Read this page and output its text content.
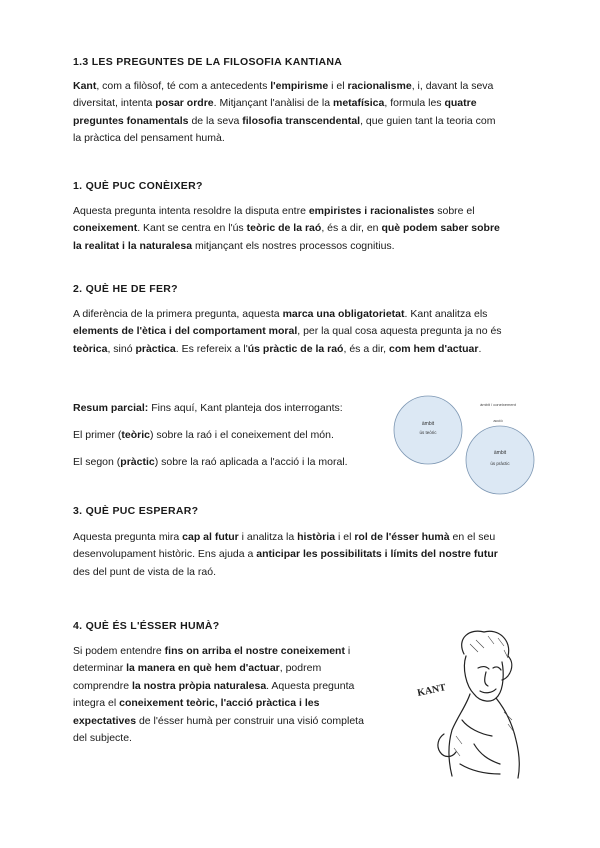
1.3 LES PREGUNTES DE LA FILOSOFIA KANTIANA

Kant, com a filòsof, té com a antecedents l'empirisme i el racionalisme, i, davant la seva
diversitat, intenta posar ordre. Mitjançant l'anàlisi de la metafísica, formula les quatre
preguntes fonamentals de la seva filosofia transcendental, que guien tant la teoria com
la pràctica del pensament humà.

1. QUÈ PUC CONÈIXER?

Aquesta pregunta intenta resoldre la disputa entre empiristes i racionalistes sobre el
coneixement. Kant se centra en l'ús teòric de la raó, és a dir, en què podem saber sobre
la realitat i la naturalesa mitjançant els nostres processos cognitius.

2. QUÈ HE DE FER?

A diferència de la primera pregunta, aquesta marca una obligatorietat. Kant analitza els
elements de l'ètica i del comportament moral, per la qual cosa aquesta pregunta ja no és
teòrica, sinó pràctica. Es refereix a l'ús pràctic de la raó, és a dir, com hem d'actuar.

Resum parcial: Fins aquí, Kant planteja dos interrogants:
El primer (teòric) sobre la raó i el coneixement del món.
El segon (pràctic) sobre la raó aplicada a l'acció i la moral.
àmbit
ús teòric
àmbit / coneixement
acció
àmbit
ús pràctic
3. QUÈ PUC ESPERAR?

Aquesta pregunta mira cap al futur i analitza la història i el rol de l'ésser humà en el seu
desenvolupament històric. Ens ajuda a anticipar les possibilitats i límits del nostre futur
des del punt de vista de la raó.

4. QUÈ ÉS L'ÉSSER HUMÀ?

Si podem entendre fins on arriba el nostre coneixement i
determinar la manera en què hem d'actuar, podrem
comprendre la nostra pròpia naturalesa. Aquesta pregunta
integra el coneixement teòric, l'acció pràctica i les
expectatives de l'ésser humà per construir una visió completa
del subjecte.

KANT
